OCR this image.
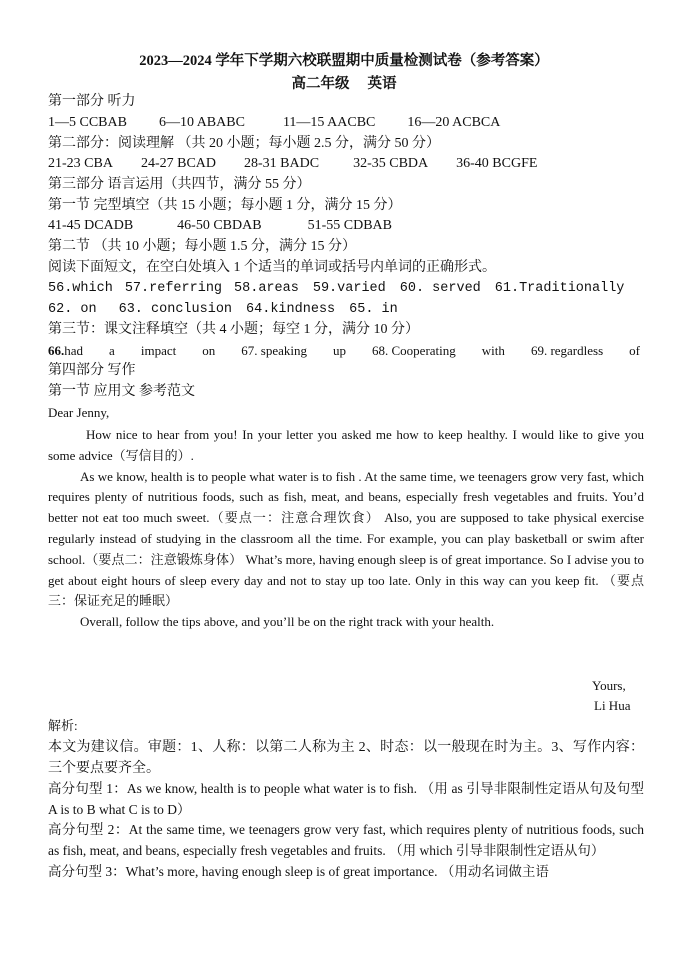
2023—2024 学年下学期六校联盟期中质量检测试卷（参考答案）
高二年级 英语
第一部分 听力
1—5 CCBAB 6—10 ABABC	11—15 AACBC 16—20 ACBCA
第二部分：阅读理解 （共 20 小题；每小题 2.5 分，满分 50 分）
21-23 CBA 24-27 BCAD 28-31 BADC 32-35 CBDA 36-40 BCGFE
第三部分 语言运用（共四节，满分 55 分）
第一节 完型填空（共 15 小题；每小题 1 分，满分 15 分）
41-45 DCADB	46-50 CBDAB	51-55 CDBAB
第二节 （共 10 小题；每小题 1.5 分，满分 15 分）
阅读下面短文，在空白处填入 1 个适当的单词或括号内单词的正确形式。
56.which 57.referring 58.areas 59.varied 60. served 61.Traditionally
62. on 63. conclusion 64.kindness 65. in
第三节：课文注释填空（共 4 小题；每空 1 分，满分 10 分）
66.had a impact on 67. speaking up 68. Cooperating with 69. regardless of
第四部分 写作
第一节 应用文 参考范文
Dear Jenny,

How nice to hear from you! In your letter you asked me how to keep healthy. I would like to give you some advice（写信目的）.

As we know, health is to people what water is to fish . At the same time, we teenagers grow very fast, which requires plenty of nutritious foods, such as fish, meat, and beans, especially fresh vegetables and fruits. You’d better not eat too much sweet.（要点一：注意合理饮食） Also, you are supposed to take physical exercise regularly instead of studying in the classroom all the time. For example, you can play basketball or swim after school.（要点二：注意锻炼身体） What’s more, having enough sleep is of great importance. So I advise you to get about eight hours of sleep every day and not to stay up too late. Only in this way can you keep fit. （要点三：保证充足的睡眠）

Overall, follow the tips above, and you’ll be on the right track with your health.

Yours,
Li Hua
解析:

本文为建议信。审题：1、人称：以第二人称为主 2、时态：以一般现在时为主。3、写作内容：三个要点要齐全。

高分句型 1：As we know, health is to people what water is to fish. （用 as 引导非限制性定语从句及句型 A is to B what C is to D）

高分句型 2：At the same time, we teenagers grow very fast, which requires plenty of nutritious foods, such as fish, meat, and beans, especially fresh vegetables and fruits. （用 which 引导非限制性定语从句）

高分句型 3：What’s more, having enough sleep is of great importance. （用动名词做主语
